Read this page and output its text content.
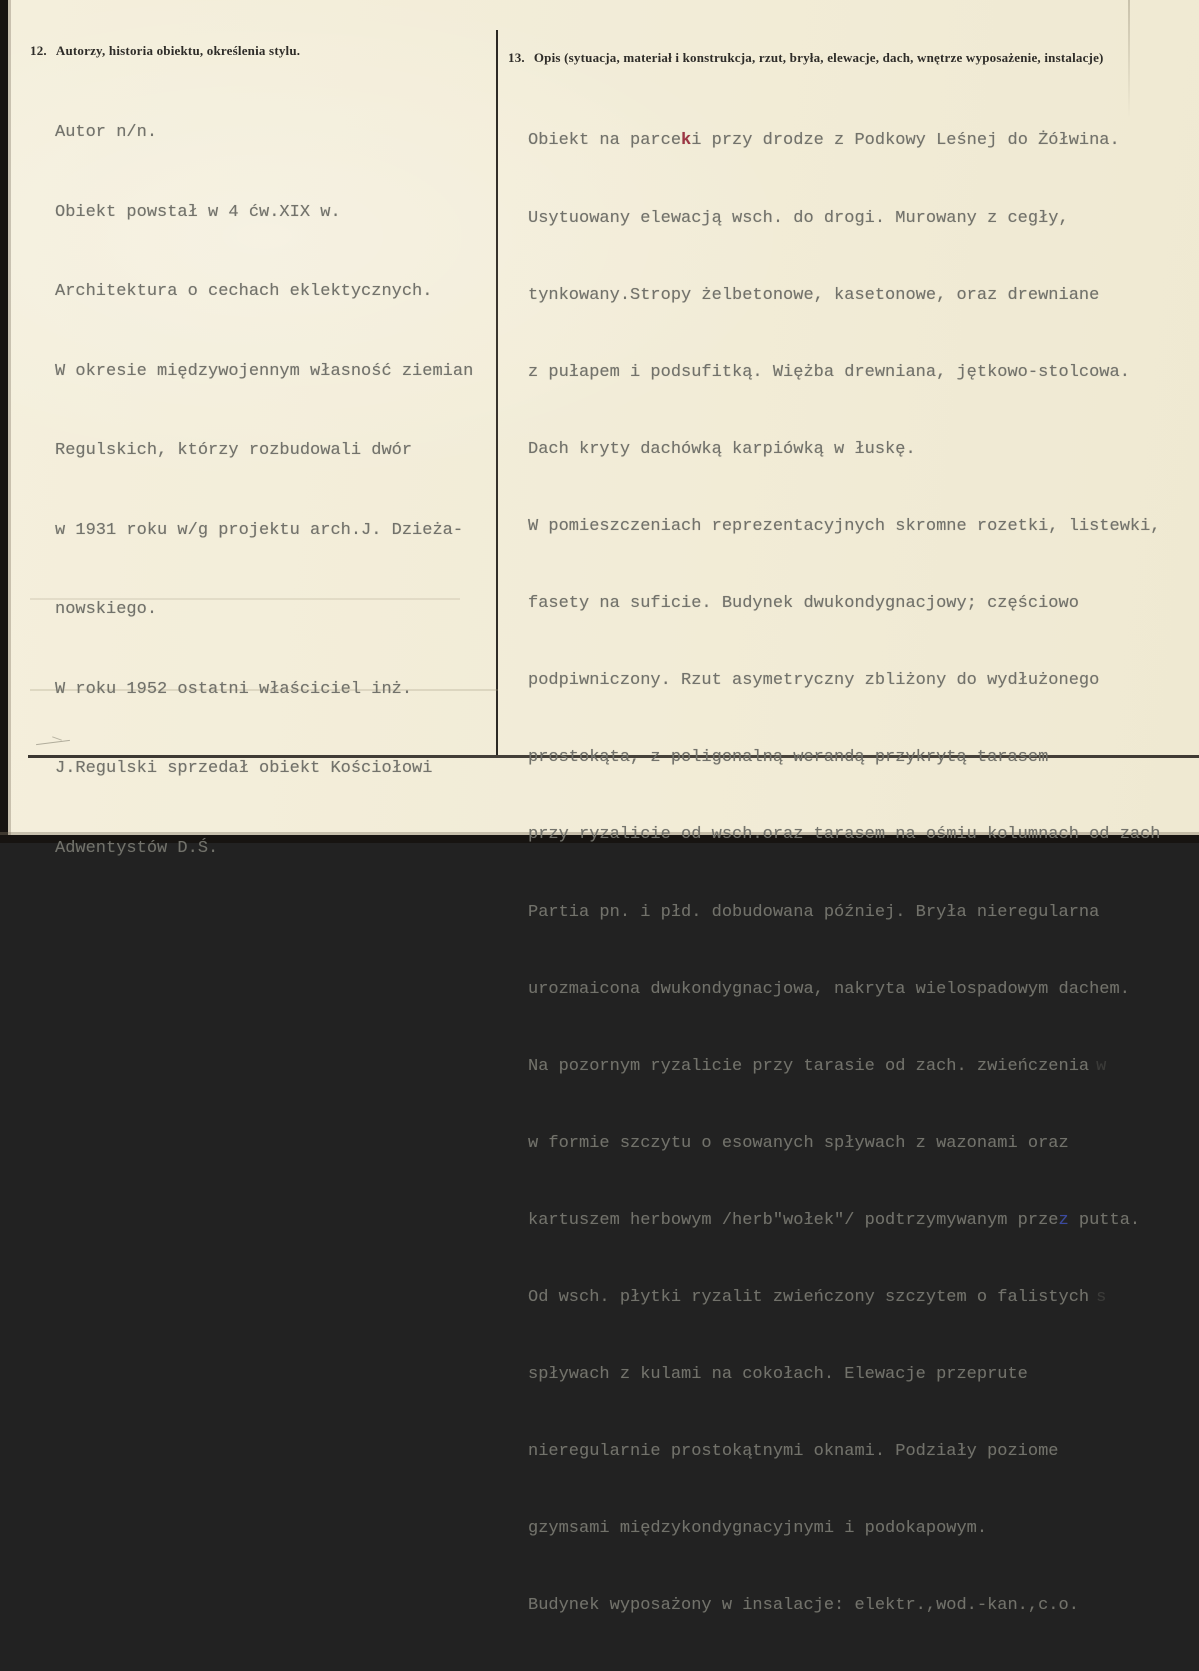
12. Autorzy, historia obiektu, określenia stylu.

Autor n/n.

Obiekt powstał w 4 ćw.XIX w.

Architektura o cechach eklektycznych.

W okresie międzywojennym własność ziemian

Regulskich, którzy rozbudowali dwór

w 1931 roku w/g projektu arch.J. Dzieża-

nowskiego.

W roku 1952 ostatni właściciel inż.

J.Regulski sprzedał obiekt Kościołowi

Adwentystów D.Ś.

13. Opis (sytuacja, materiał i konstrukcja, rzut, bryła, elewacje, dach, wnętrze wyposażenie, instalacje)

Obiekt na parceki przy drodze z Podkowy Leśnej do Żółwina.

Usytuowany elewacją wsch. do drogi. Murowany z cegły,

tynkowany.Stropy żelbetonowe, kasetonowe, oraz drewniane

z pułapem i podsufitką. Więżba drewniana, jętkowo-stolcowa.

Dach kryty dachówką karpiówką w łuskę.

W pomieszczeniach reprezentacyjnych skromne rozetki, listewki,

fasety na suficie. Budynek dwukondygnacjowy; częściowo

podpiwniczony. Rzut asymetryczny zbliżony do wydłużonego

prostokąta, z poligonalną werandą przykrytą tarasem

przy ryzalicie od wsch.oraz tarasem na ośmiu kolumnach od zach

Partia pn. i płd. dobudowana później. Bryła nieregularna

urozmaicona dwukondygnacjowa, nakryta wielospadowym dachem.

Na pozornym ryzalicie przy tarasie od zach. zwieńczenia w

w formie szczytu o esowanych spływach z wazonami oraz

kartuszem herbowym /herb"wołek"/ podtrzymywanym przez putta.

Od wsch. płytki ryzalit zwieńczony szczytem o falistych s

spływach z kulami na cokołach. Elewacje przeprute

nieregularnie prostokątnymi oknami. Podziały poziome

gzymsami międzykondygnacyjnymi i podokapowym.

Budynek wyposażony w insalacje: elektr.,wod.-kan.,c.o.
